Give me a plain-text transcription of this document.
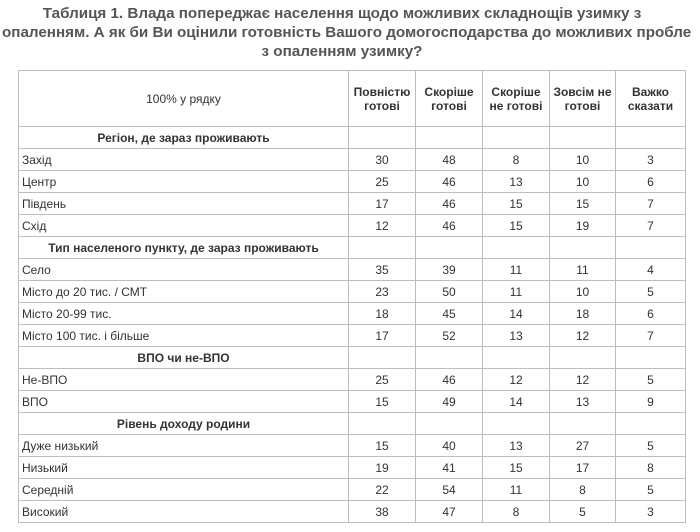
Таблиця 1. Влада попереджає населення щодо можливих складнощів узимку з
опаленням. А як би Ви оцінили готовність Вашого домогосподарства до можливих пробле
з опаленням узимку?
100% у рядку	Повністю готові	Скоріше готові	Скоріше не готові	Зовсім не готові	Важко сказати
Регіон, де зараз проживають					
Захід	30	48	8	10	3
Центр	25	46	13	10	6
Південь	17	46	15	15	7
Схід	12	46	15	19	7
Тип населеного пункту, де зараз проживають					
Село	35	39	11	11	4
Місто до 20 тис. / СМТ	23	50	11	10	5
Місто 20-99 тис.	18	45	14	18	6
Місто 100 тис. і більше	17	52	13	12	7
ВПО чи не-ВПО					
Не-ВПО	25	46	12	12	5
ВПО	15	49	14	13	9
Рівень доходу родини					
Дуже низький	15	40	13	27	5
Низький	19	41	15	17	8
Середній	22	54	11	8	5
Високий	38	47	8	5	3
